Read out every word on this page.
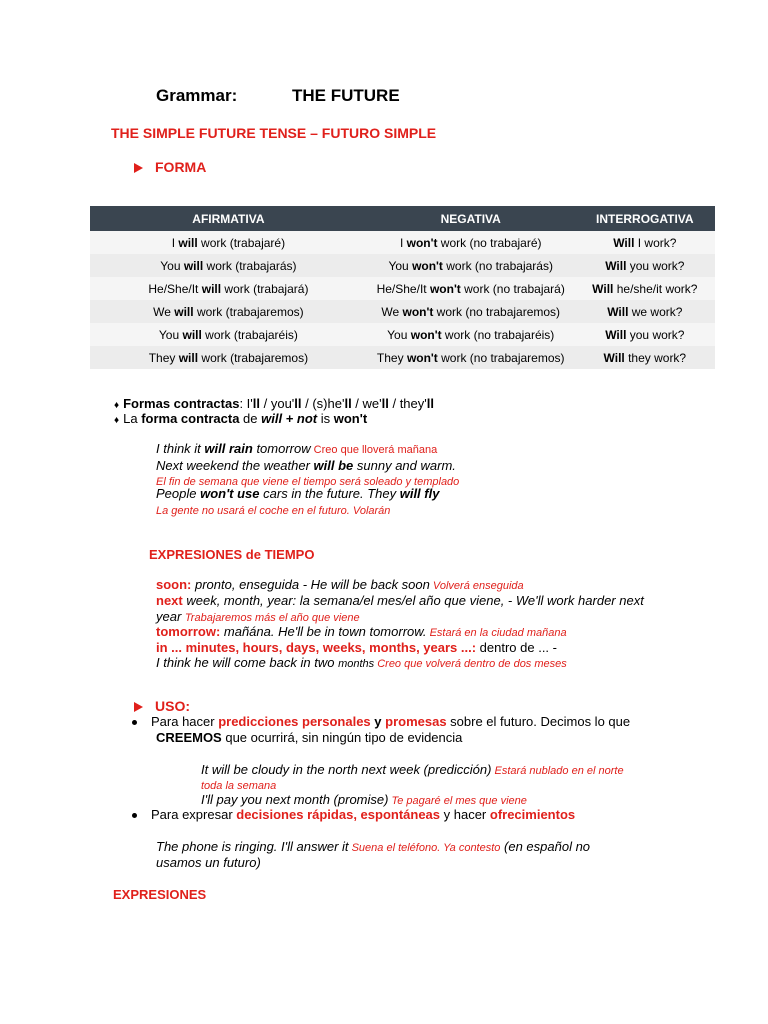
Grammar:	THE FUTURE
THE SIMPLE FUTURE TENSE – FUTURO SIMPLE
FORMA
AFIRMATIVA	NEGATIVA	INTERROGATIVA
I will work (trabajaré)	I won't work (no trabajaré)	Will I work?
You will work (trabajarás)	You won't work (no trabajarás)	Will you work?
He/She/It will work (trabajará)	He/She/It won't work (no trabajará)	Will he/she/it work?
We will work (trabajaremos)	We won't work (no trabajaremos)	Will we work?
You will work (trabajaréis)	You won't work (no trabajaréis)	Will you work?
They will work (trabajaremos)	They won't work (no trabajaremos)	Will they work?
♦ Formas contractas: I'll / you'll / (s)he'll / we'll / they'll
♦ La forma contracta de will + not is won't
I think it will rain tomorrow Creo que lloverá mañana
Next weekend the weather will be sunny and warm.
El fin de semana que viene el tiempo será soleado y templado
People won't use cars in the future. They will fly
La gente no usará el coche en el futuro. Volarán
EXPRESIONES de TIEMPO
soon: pronto, enseguida - He will be back soon Volverá enseguida
next week, month, year: la semana/el mes/el año que viene, - We'll work harder next
year Trabajaremos más el año que viene
tomorrow: mañána. He'll be in town tomorrow. Estará en la ciudad mañana
in ... minutes, hours, days, weeks, months, years ...: dentro de ... -
I think he will come back in two months Creo que volverá dentro de dos meses
USO:
Para hacer predicciones personales y promesas sobre el futuro. Decimos lo que
CREEMOS que ocurrirá, sin ningún tipo de evidencia
It will be cloudy in the north next week (predicción) Estará nublado en el norte
toda la semana
I'll pay you next month (promise) Te pagaré el mes que viene
Para expresar decisiones rápidas, espontáneas y hacer ofrecimientos
The phone is ringing. I'll answer it Suena el teléfono. Ya contesto (en español no
usamos un futuro)
EXPRESIONES
